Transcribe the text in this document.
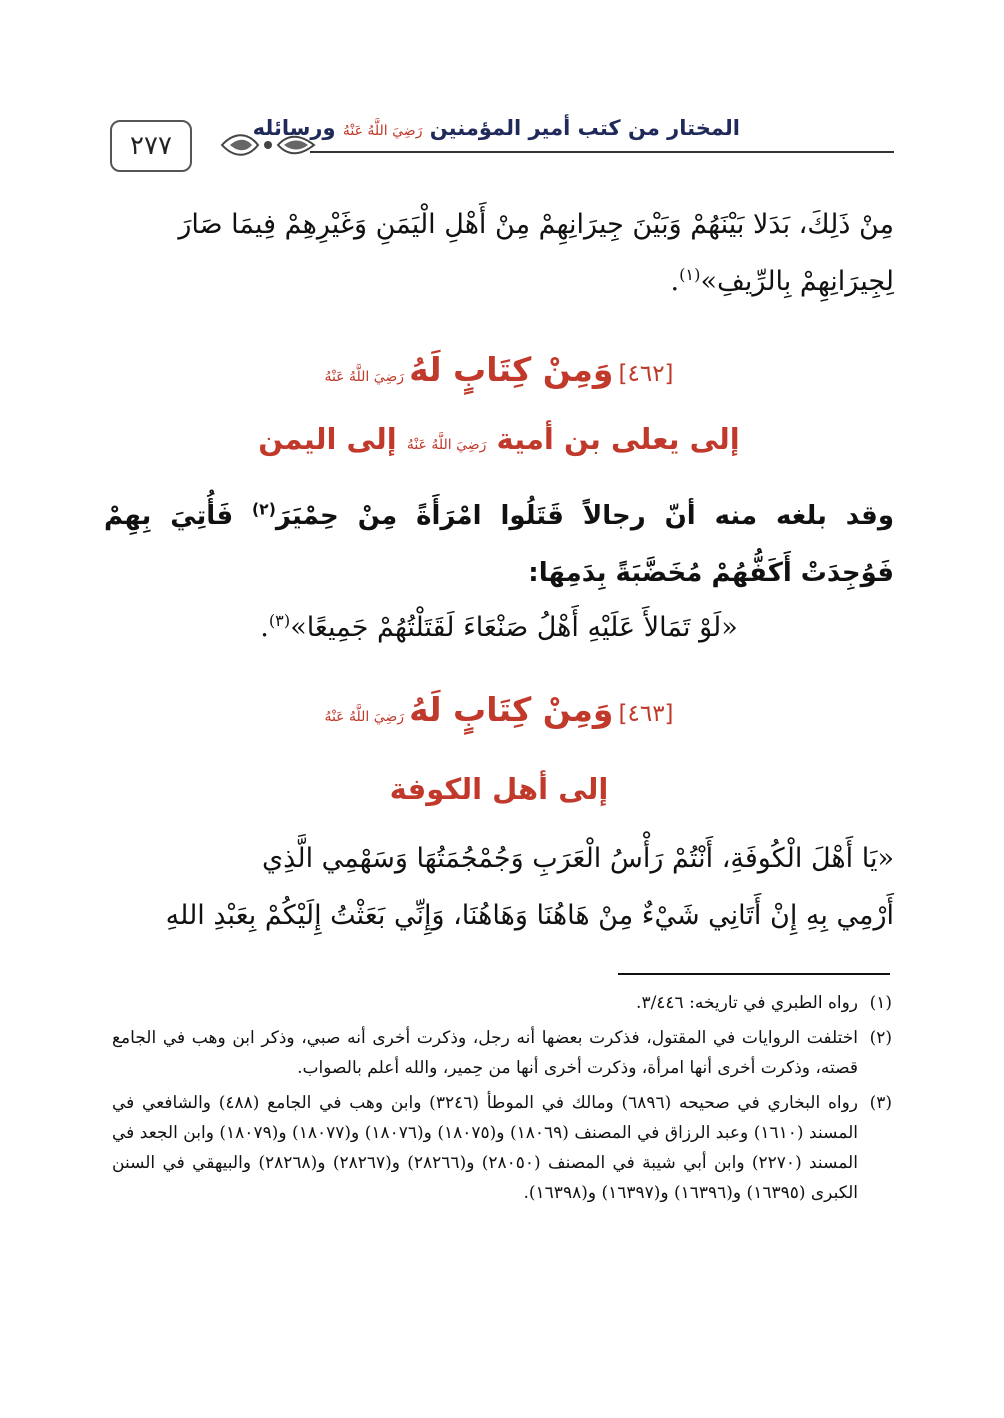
٢٧٧
المختار من كتب أمير المؤمنين رَضِيَ اللَّهُ عَنْهُ ورسائله
مِنْ ذَلِكَ، بَدَلا بَيْنَهُمْ وَبَيْنَ جِيرَانِهِمْ مِنْ أَهْلِ الْيَمَنِ وَغَيْرِهِمْ فِيمَا صَارَ
لِجِيرَانِهِمْ بِالرِّيفِ»$^{(١)}$.
[٤٦٢] وَمِنْ كِتَابٍ لَهُ رَضِيَ اللَّهُ عَنْهُ
إلى يعلى بن أمية رَضِيَ اللَّهُ عَنْهُ إلى اليمن
وقد بلغه منه أنّ رجالاً قَتَلُوا امْرَأَةً مِنْ حِمْيَرَ$^{(٢)}$ فَأُتِيَ بِهِمْ فَوُجِدَتْ أَكَفُّهُمْ مُخَضَّبَةً بِدَمِهَا:
«لَوْ تَمَالأَ عَلَيْهِ أَهْلُ صَنْعَاءَ لَقَتَلْتُهُمْ جَمِيعًا»$^{(٣)}$.
[٤٦٣] وَمِنْ كِتَابٍ لَهُ رَضِيَ اللَّهُ عَنْهُ
إلى أهل الكوفة
«يَا أَهْلَ الْكُوفَةِ، أَنْتُمْ رَأْسُ الْعَرَبِ وَجُمْجُمَتُهَا وَسَهْمِي الَّذِي
أَرْمِي بِهِ إِنْ أَتَانِي شَيْءٌ مِنْ هَاهُنَا وَهَاهُنَا، وَإِنِّي بَعَثْتُ إِلَيْكُمْ بِعَبْدِ اللهِ
(١)
رواه الطبري في تاريخه: ٣/٤٤٦.
(٢)
اختلفت الروايات في المقتول، فذكرت بعضها أنه رجل، وذكرت أخرى أنه صبي، وذكر ابن وهب في الجامع قصته، وذكرت أخرى أنها امرأة، وذكرت أخرى أنها من حِمير، والله أعلم بالصواب.
(٣)
رواه البخاري في صحيحه (٦٨٩٦) ومالك في الموطأ (٣٢٤٦) وابن وهب في الجامع (٤٨٨) والشافعي في المسند (١٦١٠) وعبد الرزاق في المصنف (١٨٠٦٩) و(١٨٠٧٥) و(١٨٠٧٦) و(١٨٠٧٧) و(١٨٠٧٩) وابن الجعد في المسند (٢٢٧٠) وابن أبي شيبة في المصنف (٢٨٠٥٠) و(٢٨٢٦٦) و(٢٨٢٦٧) و(٢٨٢٦٨) والبيهقي في السنن الكبرى (١٦٣٩٥) و(١٦٣٩٦) و(١٦٣٩٧) و(١٦٣٩٨).
